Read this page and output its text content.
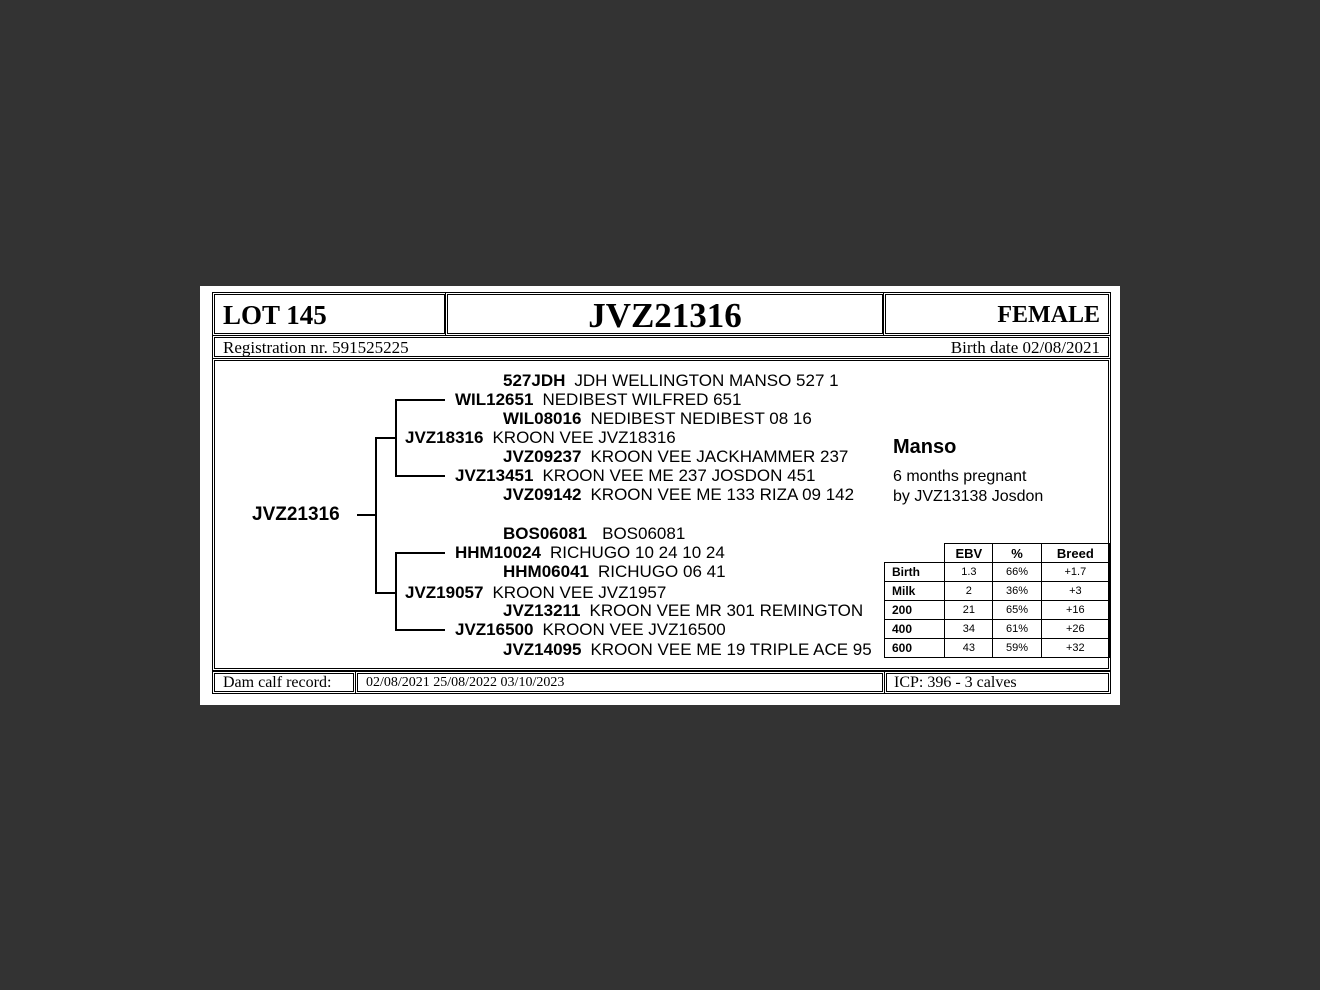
LOT 145	JVZ21316	FEMALE
Registration nr. 591525225	Birth date 02/08/2021
JVZ21316
JVZ18316 KROON VEE JVZ18316
JVZ19057 KROON VEE JVZ1957
WIL12651 NEDIBEST WILFRED 651
JVZ13451 KROON VEE ME 237 JOSDON 451
HHM10024 RICHUGO 10 24 10 24
JVZ16500 KROON VEE JVZ16500
527JDH JDH WELLINGTON MANSO 527 1
WIL08016 NEDIBEST NEDIBEST 08 16
JVZ09237 KROON VEE JACKHAMMER 237
JVZ09142 KROON VEE ME 133 RIZA 09 142
BOS06081 BOS06081
HHM06041 RICHUGO 06 41
JVZ13211 KROON VEE MR 301 REMINGTON
JVZ14095 KROON VEE ME 19 TRIPLE ACE 95
Manso
6 months pregnant
by JVZ13138 Josdon
	EBV	%	Breed
Birth	1.3	66%	+1.7
Milk	2	36%	+3
200	21	65%	+16
400	34	61%	+26
600	43	59%	+32
Dam calf record: 02/08/2021 25/08/2022 03/10/2023	ICP: 396 - 3 calves
